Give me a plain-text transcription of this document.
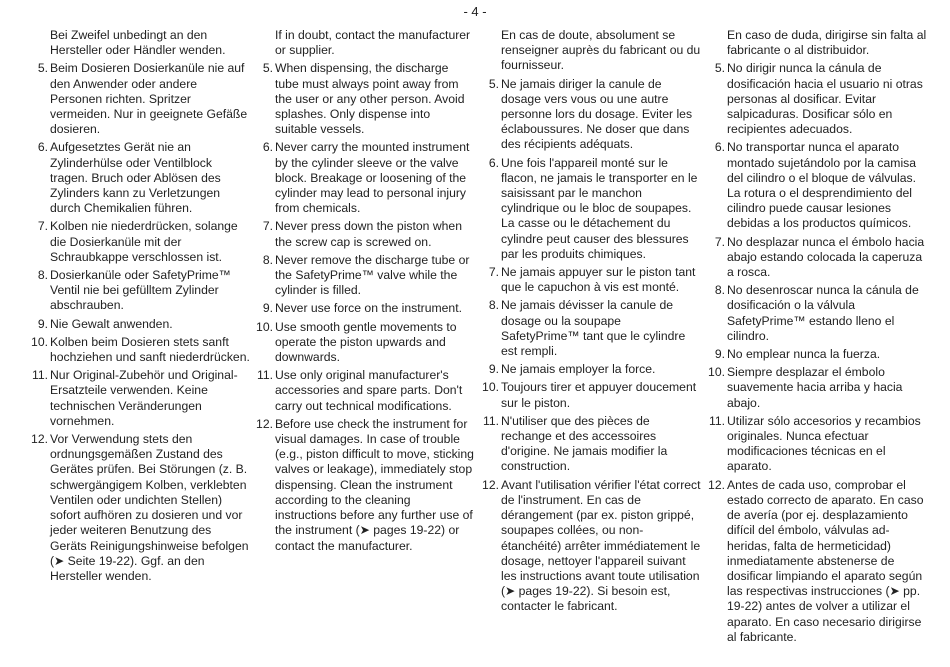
- 4 -
Bei Zweifel unbedingt an den Hersteller oder Händler wenden.
5. Beim Dosieren Dosierkanüle nie auf den Anwender oder andere Personen richten. Spritzer vermeiden. Nur in geeignete Gefäße dosieren.
6. Aufgesetztes Gerät nie an Zylinderhülse oder Ventilblock tragen. Bruch oder Ablösen des Zylinders kann zu Verletzungen durch Chemikalien führen.
7. Kolben nie niederdrücken, solange die Dosierkanüle mit der Schraubkappe verschlossen ist.
8. Dosierkanüle oder SafetyPrime™ Ventil nie bei gefülltem Zylinder abschrauben.
9. Nie Gewalt anwenden.
10. Kolben beim Dosieren stets sanft hochziehen und sanft niederdrücken.
11. Nur Original-Zubehör und Original-Ersatzteile verwenden. Keine technischen Veränderungen vornehmen.
12. Vor Verwendung stets den ordnungsgemäßen Zustand des Gerätes prüfen. Bei Störungen (z. B. schwergängigem Kolben, verklebten Ventilen oder undichten Stellen) sofort aufhören zu dosieren und vor jeder weiteren Benutzung des Geräts Reinigungshinweise befolgen (➤ Seite 19-22). Ggf. an den Hersteller wenden.
If in doubt, contact the manufacturer or supplier.
5. When dispensing, the discharge tube must always point away from the user or any other person. Avoid splashes. Only dispense into suitable vessels.
6. Never carry the mounted instrument by the cylinder sleeve or the valve block. Breakage or loosening of the cylinder may lead to personal injury from chemicals.
7. Never press down the piston when the screw cap is screwed on.
8. Never remove the discharge tube or the SafetyPrime™ valve while the cylinder is filled.
9. Never use force on the instrument.
10. Use smooth gentle movements to operate the piston upwards and downwards.
11. Use only original manufacturer's accessories and spare parts. Don't carry out technical modifications.
12. Before use check the instrument for visual damages. In case of trouble (e.g., piston difficult to move, sticking valves or leakage), immediately stop dispensing. Clean the instrument according to the cleaning instructions before any further use of the instrument (➤ pages 19-22) or contact the manufacturer.
En cas de doute, absolument se renseigner auprès du fabricant ou du fournisseur.
5. Ne jamais diriger la canule de dosage vers vous ou une autre personne lors du dosage. Eviter les éclaboussures. Ne doser que dans des récipients adéquats.
6. Une fois l'appareil monté sur le flacon, ne jamais le transporter en le saisissant par le manchon cylindrique ou le bloc de soupapes. La casse ou le détachement du cylindre peut causer des blessures par les produits chimiques.
7. Ne jamais appuyer sur le piston tant que le capuchon à vis est monté.
8. Ne jamais dévisser la canule de dosage ou la soupape SafetyPrime™ tant que le cylindre est rempli.
9. Ne jamais employer la force.
10. Toujours tirer et appuyer doucement sur le piston.
11. N'utiliser que des pièces de rechange et des accessoires d'origine. Ne jamais modifier la construction.
12. Avant l'utilisation vérifier l'état correct de l'instrument. En cas de dérangement (par ex. piston grippé, soupapes collées, ou non-étanchéité) arrêter immédiatement le dosage, nettoyer l'appareil suivant les instructions avant toute utilisation (➤ pages 19-22). Si besoin est, contacter le fabricant.
En caso de duda, dirigirse sin falta al fabricante o al distribuidor.
5. No dirigir nunca la cánula de dosificación hacia el usuario ni otras personas al dosificar. Evitar salpicaduras. Dosificar sólo en recipientes adecuados.
6. No transportar nunca el aparato montado sujetándolo por la camisa del cilindro o el bloque de válvulas. La rotura o el desprendimiento del cilindro puede causar lesiones debidas a los productos químicos.
7. No desplazar nunca el émbolo hacia abajo estando colocada la caperuza a rosca.
8. No desenroscar nunca la cánula de dosificación o la válvula SafetyPrime™ estando lleno el cilindro.
9. No emplear nunca la fuerza.
10. Siempre desplazar el émbolo suavemente hacia arriba y hacia abajo.
11. Utilizar sólo accesorios y recambios originales. Nunca efectuar modificaciones técnicas en el aparato.
12. Antes de cada uso, comprobar el estado correcto de aparato. En caso de avería (por ej. desplazamiento difícil del émbolo, válvulas ad-heridas, falta de hermeticidad) inmediatamente abstenerse de dosificar limpiando el aparato según las respectivas instrucciones (➤ pp. 19-22) antes de volver a utilizar el aparato. En caso necesario dirigirse al fabricante.
